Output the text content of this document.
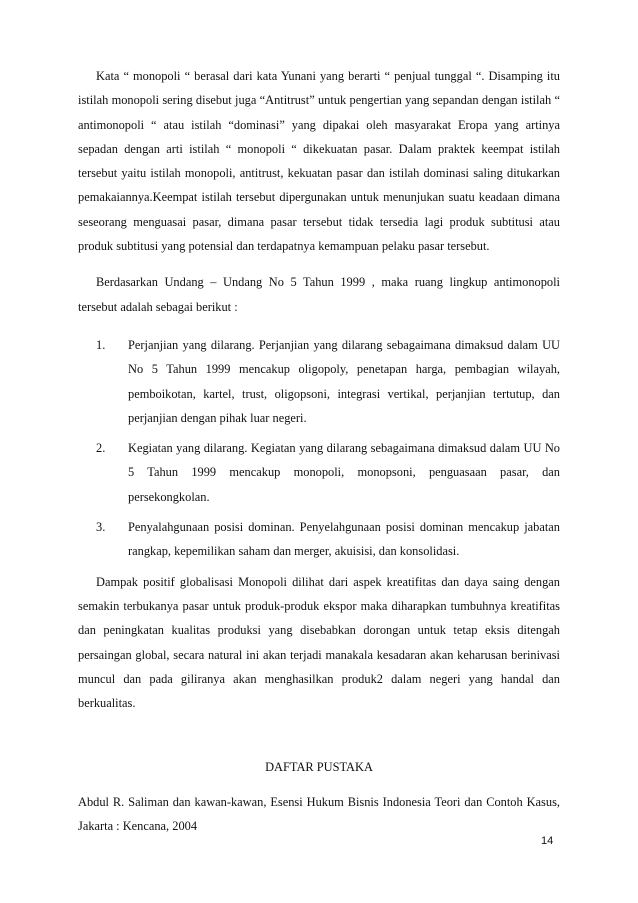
Kata “ monopoli “ berasal dari kata Yunani yang berarti “ penjual tunggal “. Disamping itu istilah monopoli sering disebut juga “Antitrust” untuk pengertian yang sepandan dengan istilah “ antimonopoli “ atau istilah “dominasi” yang dipakai oleh masyarakat Eropa yang artinya sepadan dengan arti istilah “ monopoli “ dikekuatan pasar. Dalam praktek keempat istilah tersebut yaitu istilah monopoli, antitrust, kekuatan pasar dan istilah dominasi saling ditukarkan pemakaiannya.Keempat istilah tersebut dipergunakan untuk menunjukan suatu keadaan dimana seseorang menguasai pasar, dimana pasar tersebut tidak tersedia lagi produk subtitusi atau produk subtitusi yang potensial dan terdapatnya kemampuan pelaku pasar tersebut.

Berdasarkan Undang – Undang No 5 Tahun 1999 , maka ruang lingkup antimonopoli tersebut adalah sebagai berikut :

1.	Perjanjian yang dilarang. Perjanjian yang dilarang sebagaimana dimaksud dalam UU No 5 Tahun 1999 mencakup oligopoly, penetapan harga, pembagian wilayah, pemboikotan, kartel, trust, oligopsoni, integrasi vertikal, perjanjian tertutup, dan perjanjian dengan pihak luar negeri.
2.	Kegiatan yang dilarang. Kegiatan yang dilarang sebagaimana dimaksud dalam UU No 5 Tahun 1999 mencakup monopoli, monopsoni, penguasaan pasar, dan persekongkolan.
3.	Penyalahgunaan posisi dominan. Penyelahgunaan posisi dominan mencakup jabatan rangkap, kepemilikan saham dan merger, akuisisi, dan konsolidasi.

Dampak positif globalisasi Monopoli dilihat dari aspek kreatifitas dan daya saing dengan semakin terbukanya pasar untuk produk-produk ekspor maka diharapkan tumbuhnya kreatifitas dan peningkatan kualitas produksi yang disebabkan dorongan untuk tetap eksis ditengah persaingan global, secara natural ini akan terjadi manakala kesadaran akan keharusan berinivasi muncul dan pada giliranya akan menghasilkan produk2 dalam negeri yang handal dan berkualitas.

DAFTAR PUSTAKA

Abdul R. Saliman dan kawan-kawan, Esensi Hukum Bisnis Indonesia Teori dan Contoh Kasus, Jakarta : Kencana, 2004

14
